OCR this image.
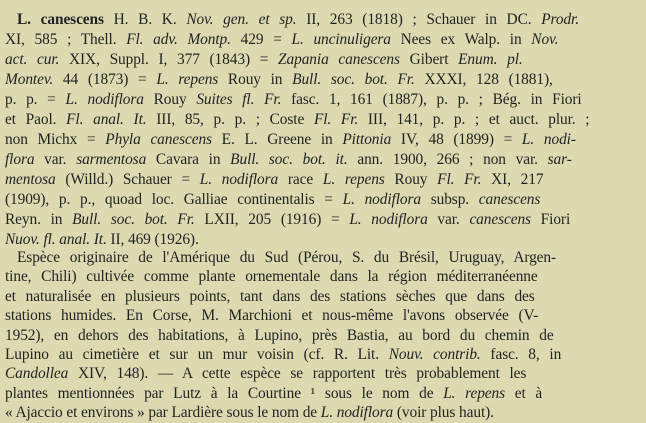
L. canescens H. B. K. Nov. gen. et sp. II, 263 (1818) ; Schauer in DC. Prodr.
XI, 585 ; Thell. Fl. adv. Montp. 429 = L. uncinuligera Nees ex Walp. in Nov.
act. cur. XIX, Suppl. I, 377 (1843) = Zapania canescens Gibert Enum. pl.
Montev. 44 (1873) = L. repens Rouy in Bull. soc. bot. Fr. XXXI, 128 (1881),
p. p. = L. nodiflora Rouy Suites fl. Fr. fasc. 1, 161 (1887), p. p. ; Bég. in Fiori
et Paol. Fl. anal. It. III, 85, p. p. ; Coste Fl. Fr. III, 141, p. p. ; et auct. plur. ;
non Michx = Phyla canescens E. L. Greene in Pittonia IV, 48 (1899) = L. nodi-
flora var. sarmentosa Cavara in Bull. soc. bot. it. ann. 1900, 266 ; non var. sar-
mentosa (Willd.) Schauer = L. nodiflora race L. repens Rouy Fl. Fr. XI, 217
(1909), p. p., quoad loc. Galliae continentalis = L. nodiflora subsp. canescens
Reyn. in Bull. soc. bot. Fr. LXII, 205 (1916) = L. nodiflora var. canescens Fiori
Nuov. fl. anal. It. II, 469 (1926).
Espèce originaire de l'Amérique du Sud (Pérou, S. du Brésil, Uruguay, Argen-
tine, Chili) cultivée comme plante ornementale dans la région méditerranéenne
et naturalisée en plusieurs points, tant dans des stations sèches que dans des
stations humides. En Corse, M. Marchioni et nous-même l'avons observée (V-
1952), en dehors des habitations, à Lupino, près Bastia, au bord du chemin de
Lupino au cimetière et sur un mur voisin (cf. R. Lit. Nouv. contrib. fasc. 8, in
Candollea XIV, 148). — A cette espèce se rapportent très probablement les
plantes mentionnées par Lutz à la Courtine ¹ sous le nom de L. repens et à
« Ajaccio et environs » par Lardière sous le nom de L. nodiflora (voir plus haut).
